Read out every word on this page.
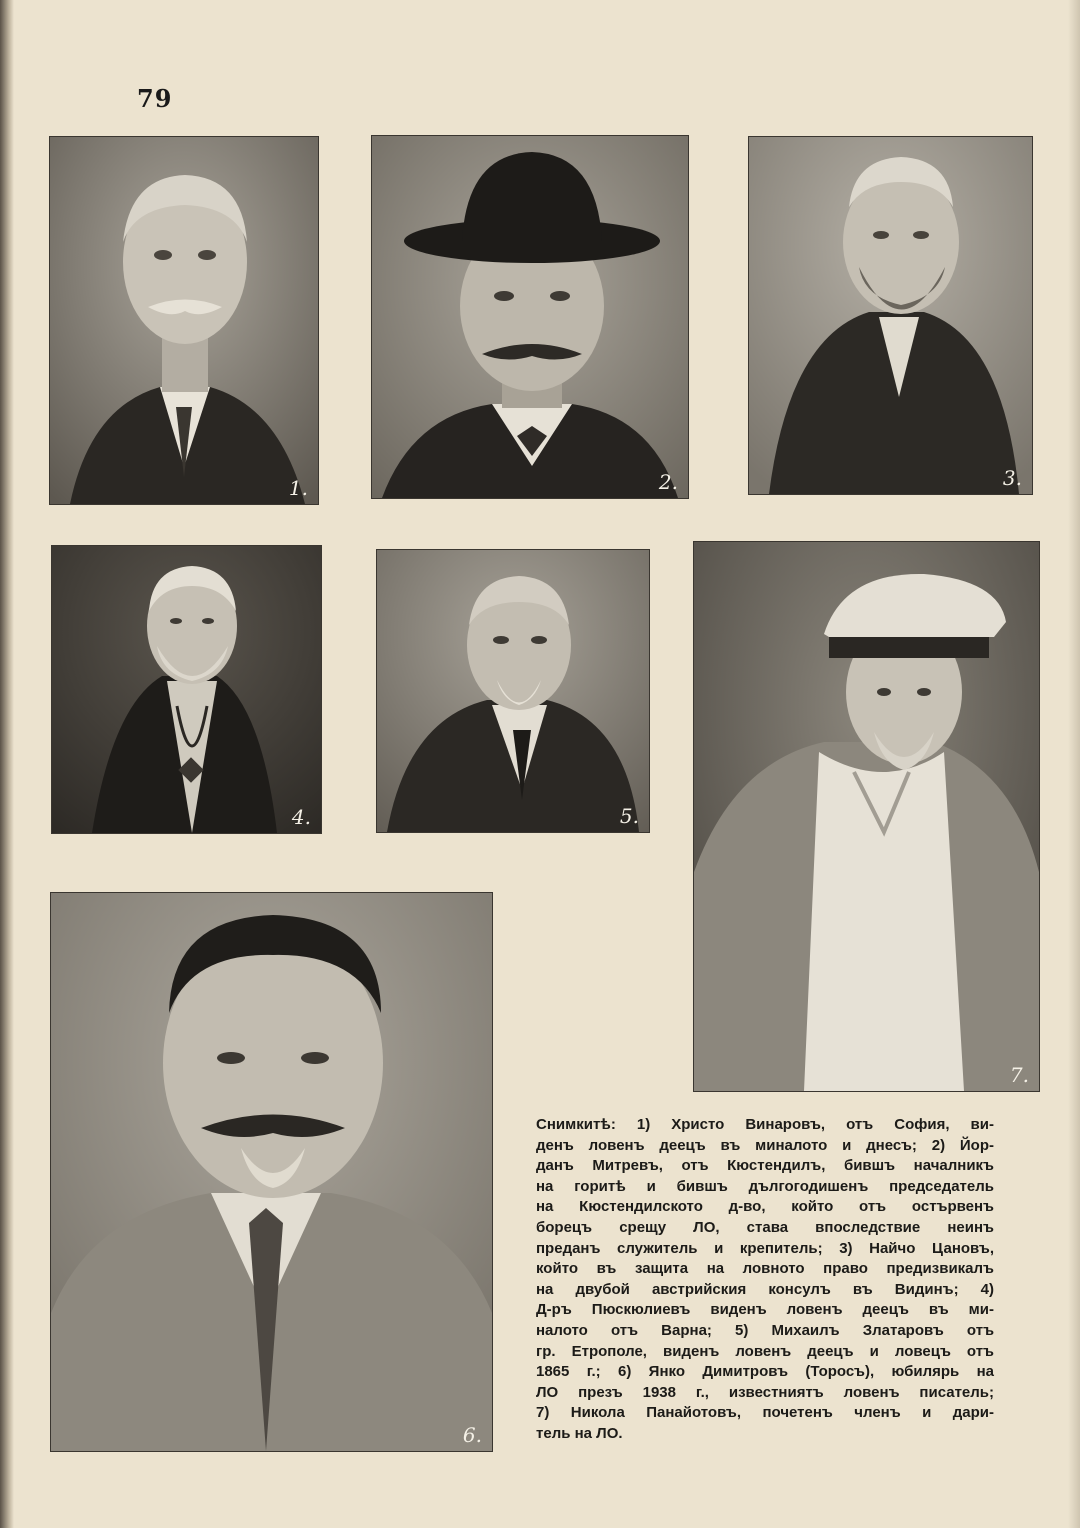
79
1.	2.	3.
4.	5.
6.
7.
Снимкитѣ: 1) Христо Винаровъ, отъ София, ви-
денъ ловенъ деецъ въ миналото и днесъ; 2) Йор-
данъ Митревъ, отъ Кюстендилъ, бившъ началникъ
на горитѣ и бившъ дългогодишенъ председатель
на Кюстендилското д-во, който отъ остървенъ
борецъ срещу ЛО, става впоследствие неинъ
преданъ служитель и крепитель; 3) Найчо Цановъ,
който въ защита на ловното право предизвикалъ
на двубой австрийския консулъ въ Видинъ; 4)
Д-ръ Пюскюлиевъ виденъ ловенъ деецъ въ ми-
налото отъ Варна; 5) Михаилъ Златаровъ отъ
гр. Етрополе, виденъ ловенъ деецъ и ловецъ отъ
1865 г.; 6) Янко Димитровъ (Торосъ), юбилярь на
ЛО презъ 1938 г., известниятъ ловенъ писатель;
7) Никола Панайотовъ, почетенъ членъ и дари-
тель на ЛО.
